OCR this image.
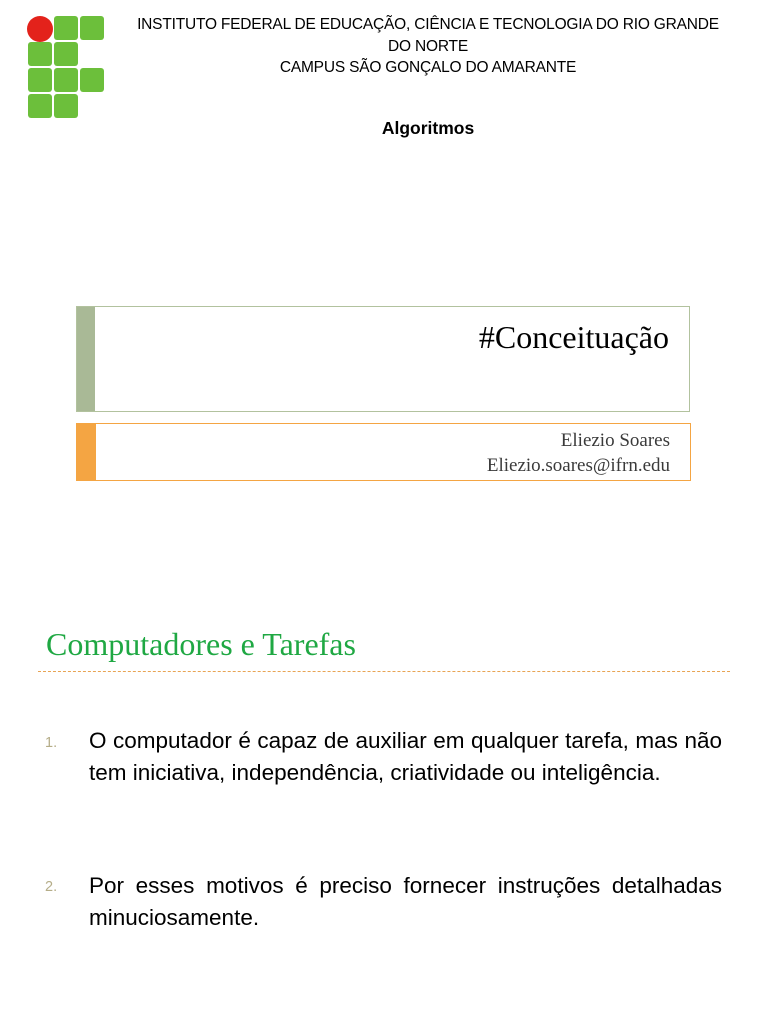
INSTITUTO FEDERAL DE EDUCAÇÃO, CIÊNCIA E TECNOLOGIA DO RIO GRANDE
DO NORTE
CAMPUS SÃO GONÇALO DO AMARANTE
Algoritmos
#Conceituação
Eliezio Soares
Eliezio.soares@ifrn.edu
Computadores e Tarefas
1. O computador é capaz de auxiliar em qualquer tarefa, mas não tem iniciativa, independência, criatividade ou inteligência.
2. Por esses motivos é preciso fornecer instruções detalhadas minuciosamente.
